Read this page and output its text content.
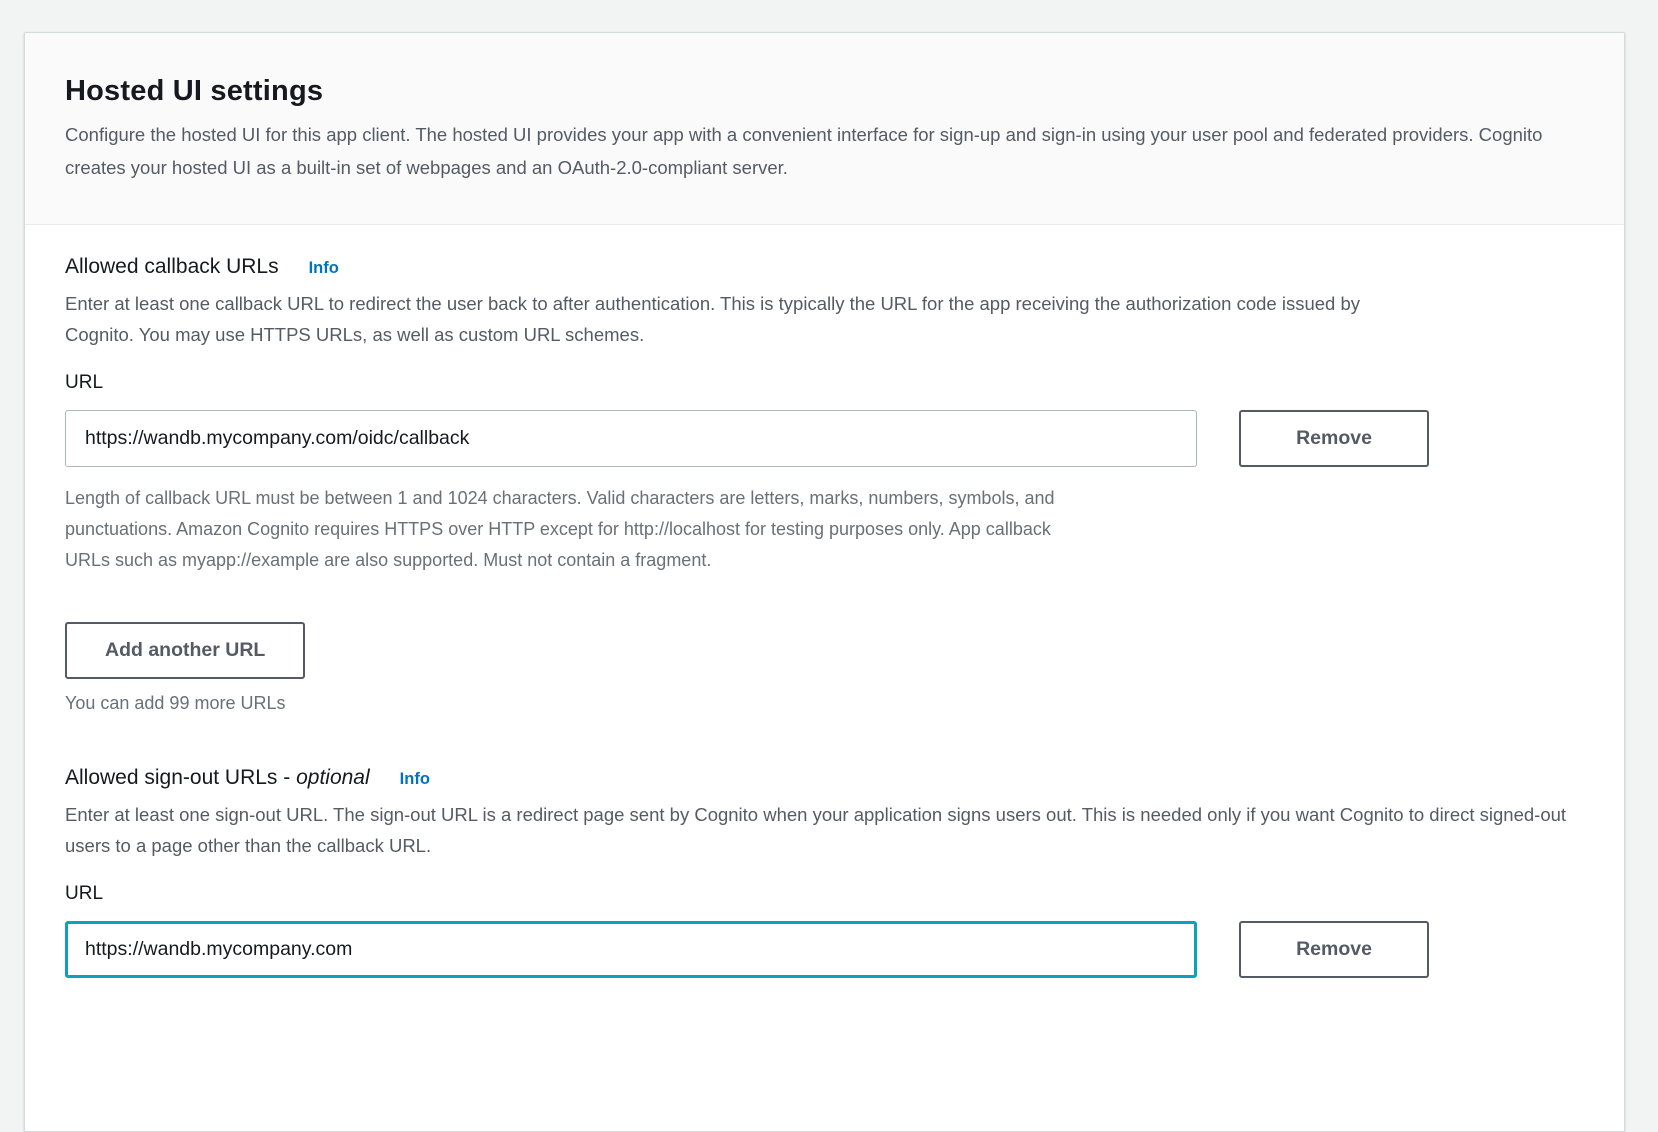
Hosted UI settings
Configure the hosted UI for this app client. The hosted UI provides your app with a convenient interface for sign-up and sign-in using your user pool and federated providers. Cognito creates your hosted UI as a built-in set of webpages and an OAuth-2.0-compliant server.
Allowed callback URLs Info
Enter at least one callback URL to redirect the user back to after authentication. This is typically the URL for the app receiving the authorization code issued by Cognito. You may use HTTPS URLs, as well as custom URL schemes.
URL
https://wandb.mycompany.com/oidc/callback
Remove
Length of callback URL must be between 1 and 1024 characters. Valid characters are letters, marks, numbers, symbols, and punctuations. Amazon Cognito requires HTTPS over HTTP except for http://localhost for testing purposes only. App callback URLs such as myapp://example are also supported. Must not contain a fragment.
Add another URL
You can add 99 more URLs
Allowed sign-out URLs - optional Info
Enter at least one sign-out URL. The sign-out URL is a redirect page sent by Cognito when your application signs users out. This is needed only if you want Cognito to direct signed-out users to a page other than the callback URL.
URL
https://wandb.mycompany.com
Remove
